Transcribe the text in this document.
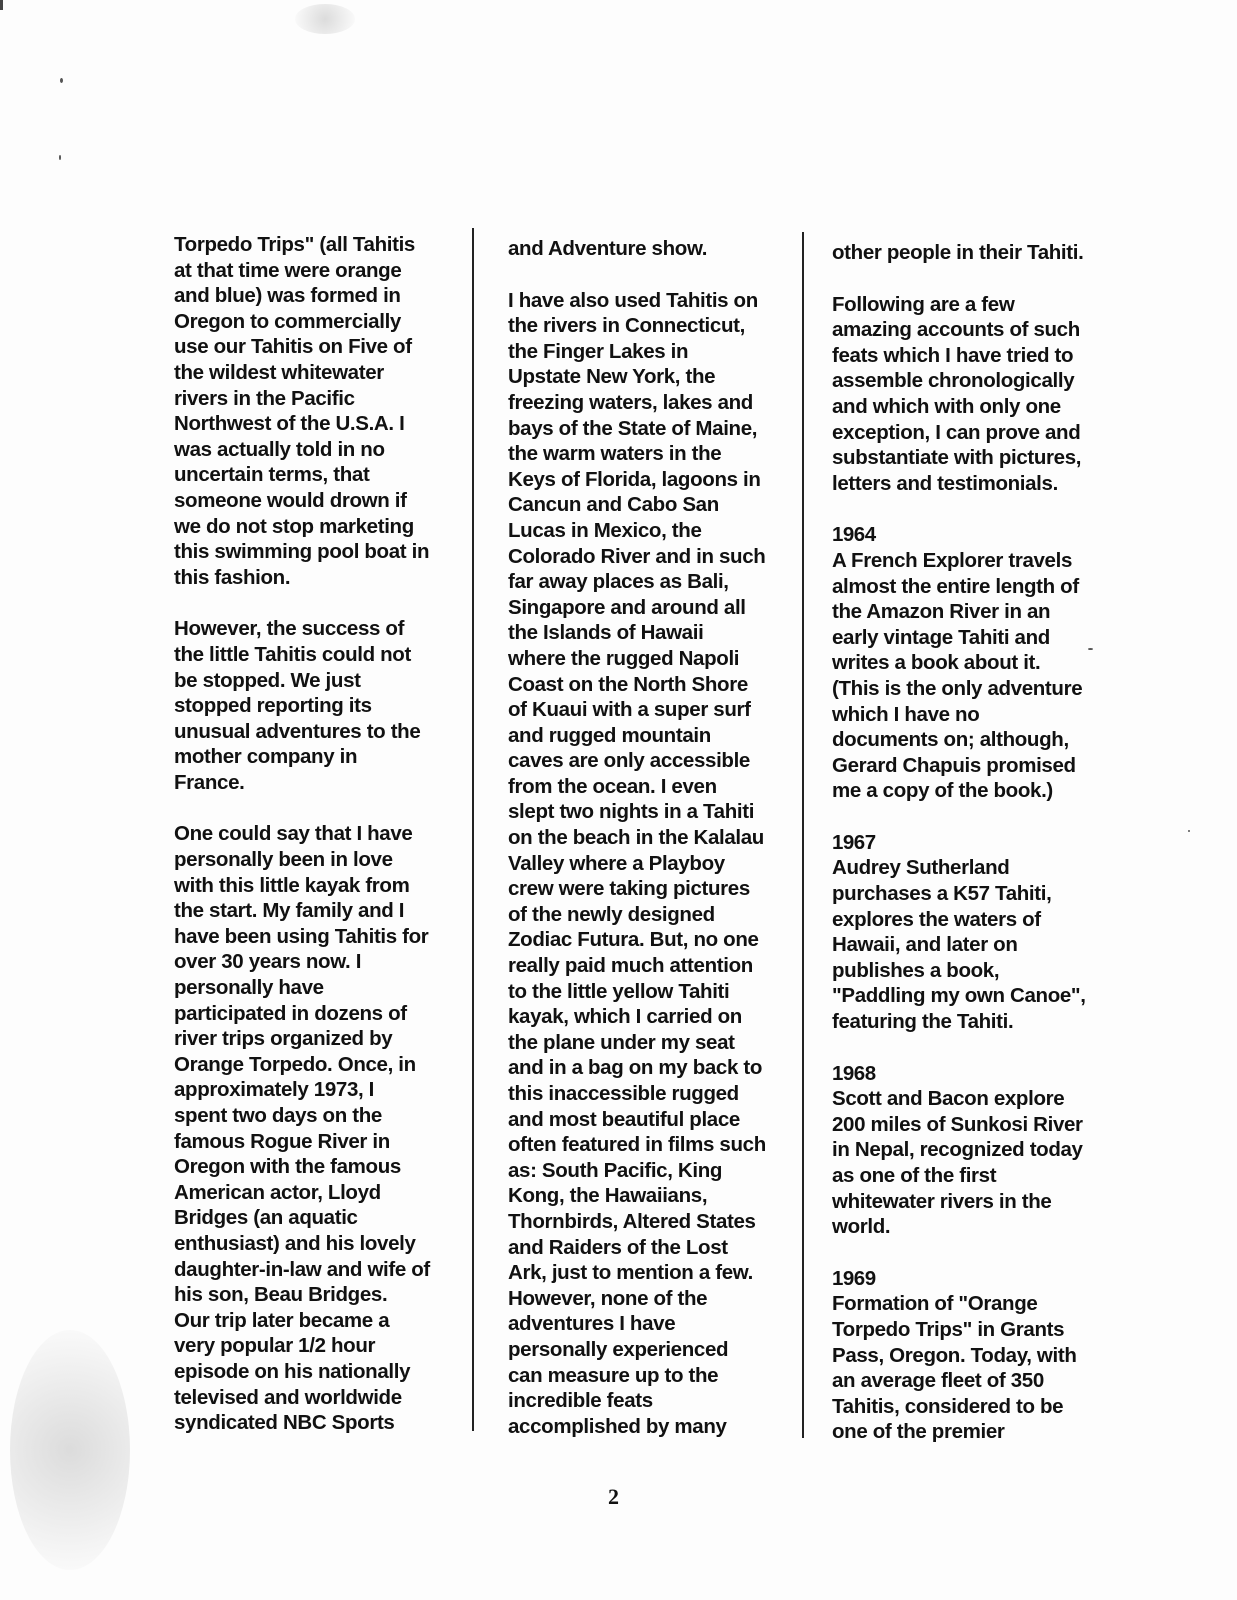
Torpedo Trips" (all Tahitis
at that time were orange
and blue) was formed in
Oregon to commercially
use our Tahitis on Five of
the wildest whitewater
rivers in the Pacific
Northwest of the U.S.A. I
was actually told in no
uncertain terms, that
someone would drown if
we do not stop marketing
this swimming pool boat in
this fashion.

However, the success of
the little Tahitis could not
be stopped. We just
stopped reporting its
unusual adventures to the
mother company in
France.

One could say that I have
personally been in love
with this little kayak from
the start. My family and I
have been using Tahitis for
over 30 years now. I
personally have
participated in dozens of
river trips organized by
Orange Torpedo. Once, in
approximately 1973, I
spent two days on the
famous Rogue River in
Oregon with the famous
American actor, Lloyd
Bridges (an aquatic
enthusiast) and his lovely
daughter-in-law and wife of
his son, Beau Bridges.
Our trip later became a
very popular 1/2 hour
episode on his nationally
televised and worldwide
syndicated NBC Sports

and Adventure show.

I have also used Tahitis on
the rivers in Connecticut,
the Finger Lakes in
Upstate New York, the
freezing waters, lakes and
bays of the State of Maine,
the warm waters in the
Keys of Florida, lagoons in
Cancun and Cabo San
Lucas in Mexico, the
Colorado River and in such
far away places as Bali,
Singapore and around all
the Islands of Hawaii
where the rugged Napoli
Coast on the North Shore
of Kuaui with a super surf
and rugged mountain
caves are only accessible
from the ocean. I even
slept two nights in a Tahiti
on the beach in the Kalalau
Valley where a Playboy
crew were taking pictures
of the newly designed
Zodiac Futura. But, no one
really paid much attention
to the little yellow Tahiti
kayak, which I carried on
the plane under my seat
and in a bag on my back to
this inaccessible rugged
and most beautiful place
often featured in films such
as: South Pacific, King
Kong, the Hawaiians,
Thornbirds, Altered States
and Raiders of the Lost
Ark, just to mention a few.
However, none of the
adventures I have
personally experienced
can measure up to the
incredible feats
accomplished by many

other people in their Tahiti.

Following are a few
amazing accounts of such
feats which I have tried to
assemble chronologically
and which with only one
exception, I can prove and
substantiate with pictures,
letters and testimonials.

1964
A French Explorer travels
almost the entire length of
the Amazon River in an
early vintage Tahiti and
writes a book about it.
(This is the only adventure
which I have no
documents on; although,
Gerard Chapuis promised
me a copy of the book.)

1967
Audrey Sutherland
purchases a K57 Tahiti,
explores the waters of
Hawaii, and later on
publishes a book,
"Paddling my own Canoe",
featuring the Tahiti.

1968
Scott and Bacon explore
200 miles of Sunkosi River
in Nepal, recognized today
as one of the first
whitewater rivers in the
world.

1969
Formation of "Orange
Torpedo Trips" in Grants
Pass, Oregon. Today, with
an average fleet of 350
Tahitis, considered to be
one of the premier

2
